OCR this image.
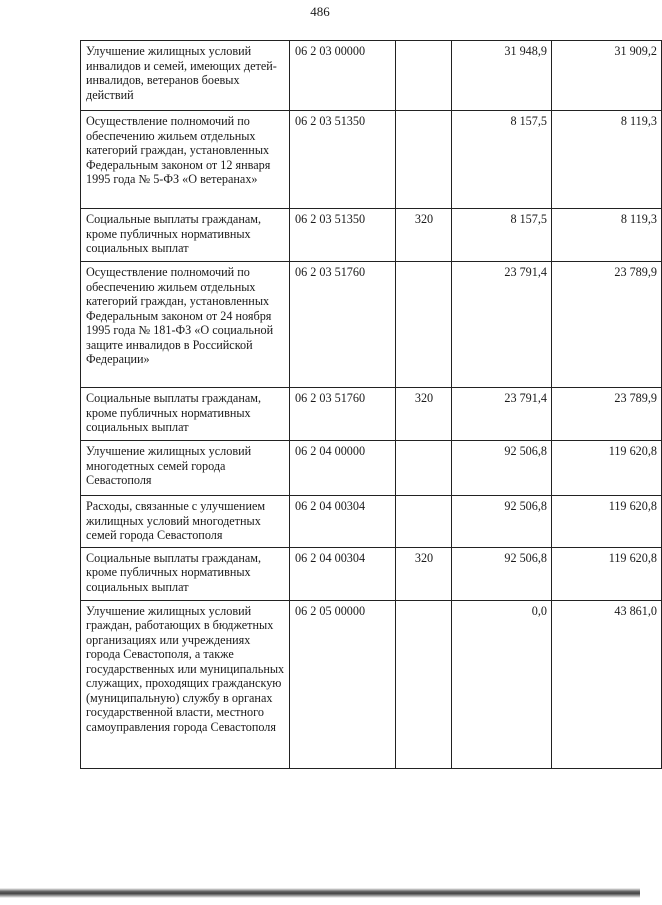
486
Улучшение жилищных условий инвалидов и семей, имеющих детей-инвалидов, ветеранов боевых действий	06 2 03 00000		31 948,9	31 909,2
Осуществление полномочий по обеспечению жильем отдельных категорий граждан, установленных Федеральным законом от 12 января 1995 года № 5-ФЗ «О ветеранах»	06 2 03 51350		8 157,5	8 119,3
Социальные выплаты гражданам, кроме публичных нормативных социальных выплат	06 2 03 51350	320	8 157,5	8 119,3
Осуществление полномочий по обеспечению жильем отдельных категорий граждан, установленных Федеральным законом от 24 ноября 1995 года № 181-ФЗ «О социальной защите инвалидов в Российской Федерации»	06 2 03 51760		23 791,4	23 789,9
Социальные выплаты гражданам, кроме публичных нормативных социальных выплат	06 2 03 51760	320	23 791,4	23 789,9
Улучшение жилищных условий многодетных семей города Севастополя	06 2 04 00000		92 506,8	119 620,8
Расходы, связанные с улучшением жилищных условий многодетных семей города Севастополя	06 2 04 00304		92 506,8	119 620,8
Социальные выплаты гражданам, кроме публичных нормативных социальных выплат	06 2 04 00304	320	92 506,8	119 620,8
Улучшение жилищных условий граждан, работающих в бюджетных организациях или учреждениях города Севастополя, а также государственных или муниципальных служащих, проходящих гражданскую (муниципальную) службу в органах государственной власти, местного самоуправления города Севастополя	06 2 05 00000		0,0	43 861,0
